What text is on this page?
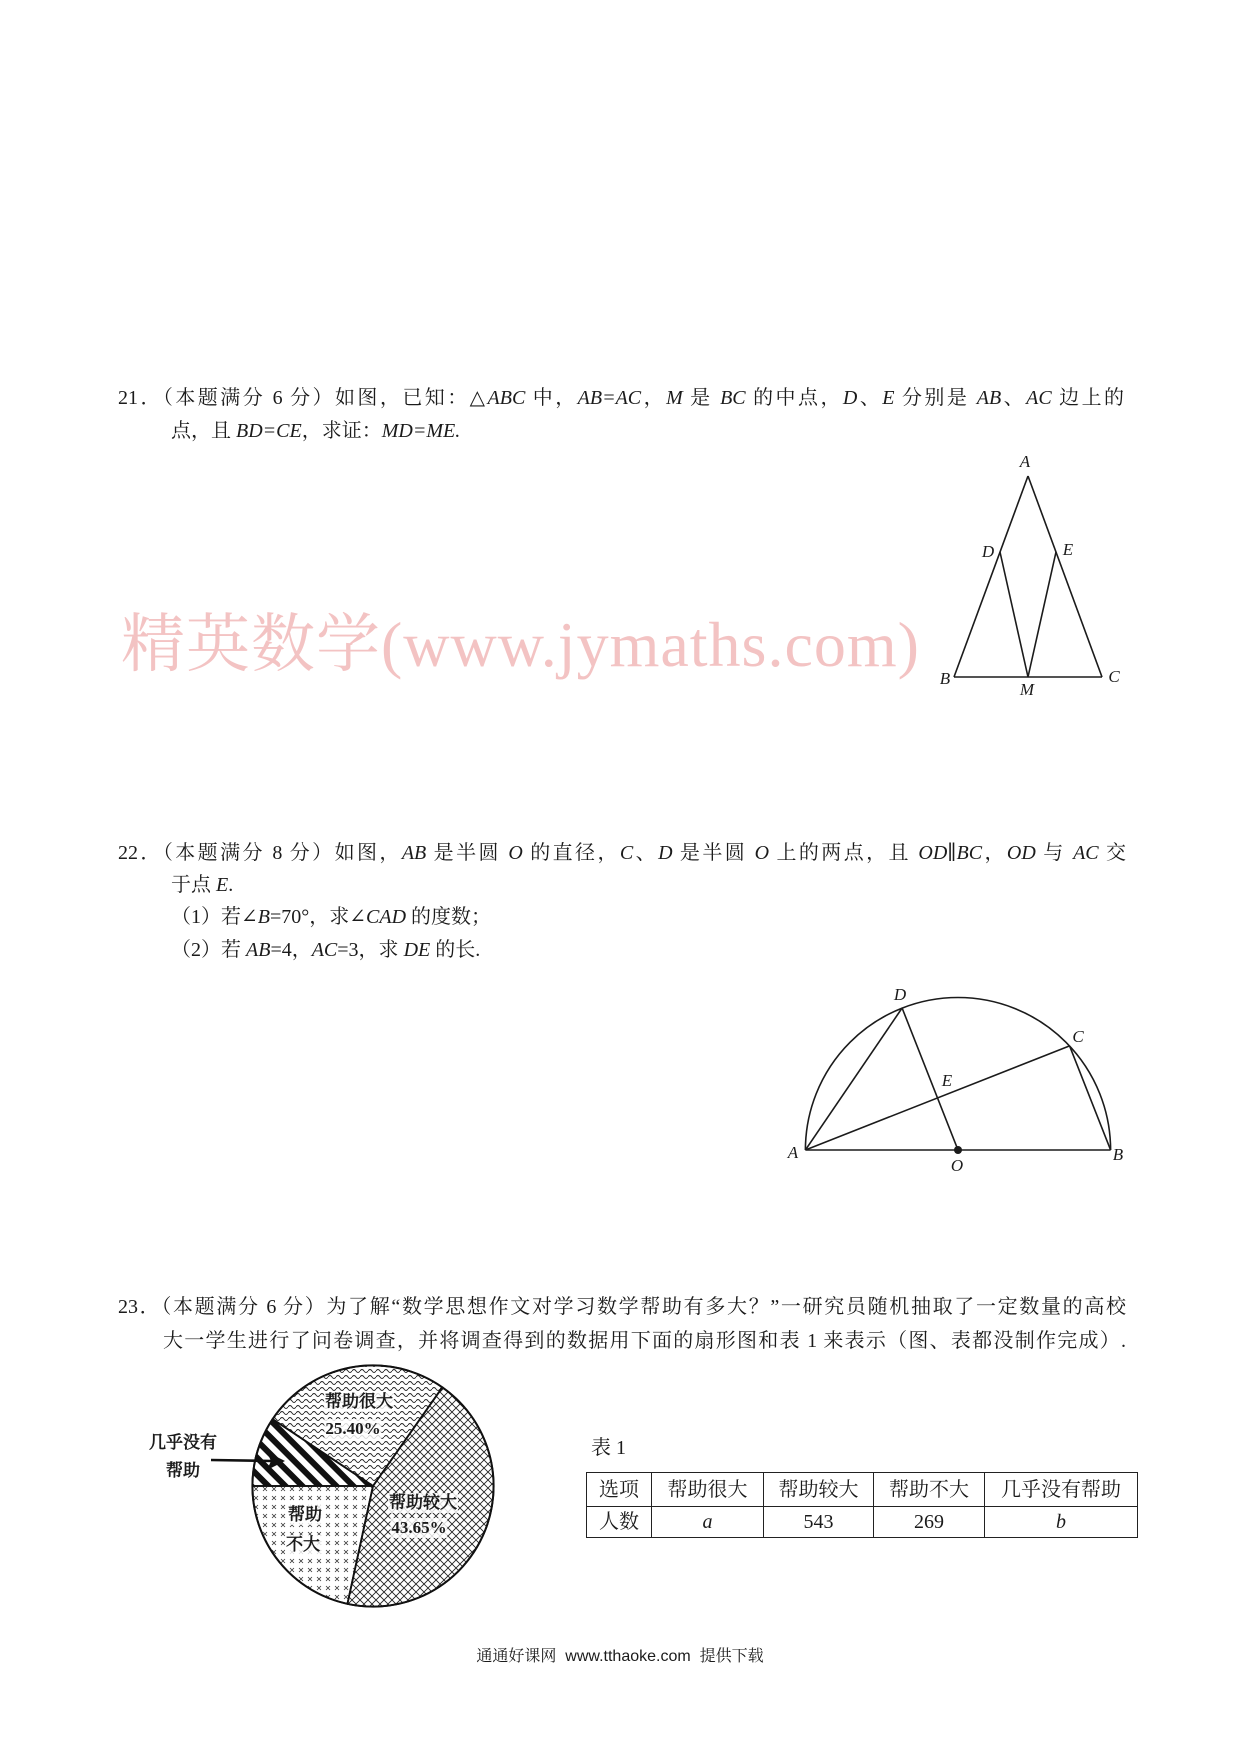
精英数学(www.jymaths.com)
21．（本题满分 6 分）如图，已知：△ABC 中，AB=AC，M 是 BC 的中点，D、E 分别是 AB、AC 边上的
点，且 BD=CE，求证：MD=ME.
22．（本题满分 8 分）如图，AB 是半圆 O 的直径，C、D 是半圆 O 上的两点，且 OD∥BC，OD 与 AC 交
于点 E.
（1）若∠B=70°，求∠CAD 的度数；
（2）若 AB=4，AC=3，求 DE 的长.
23．（本题满分 6 分）为了解“数学思想作文对学习数学帮助有多大？”一研究员随机抽取了一定数量的高校
大一学生进行了问卷调查，并将调查得到的数据用下面的扇形图和表 1 来表示（图、表都没制作完成）.
A
D	E
B
M
C
A	B
O
D
C
E
帮助很大
25.40%
帮助较大
43.65%
帮助
不大
几乎没有
帮助
表 1
选项	帮助很大	帮助较大	帮助不大	几乎没有帮助
人数	a	543	269	b
通通好课网  www.tthaoke.com  提供下载
